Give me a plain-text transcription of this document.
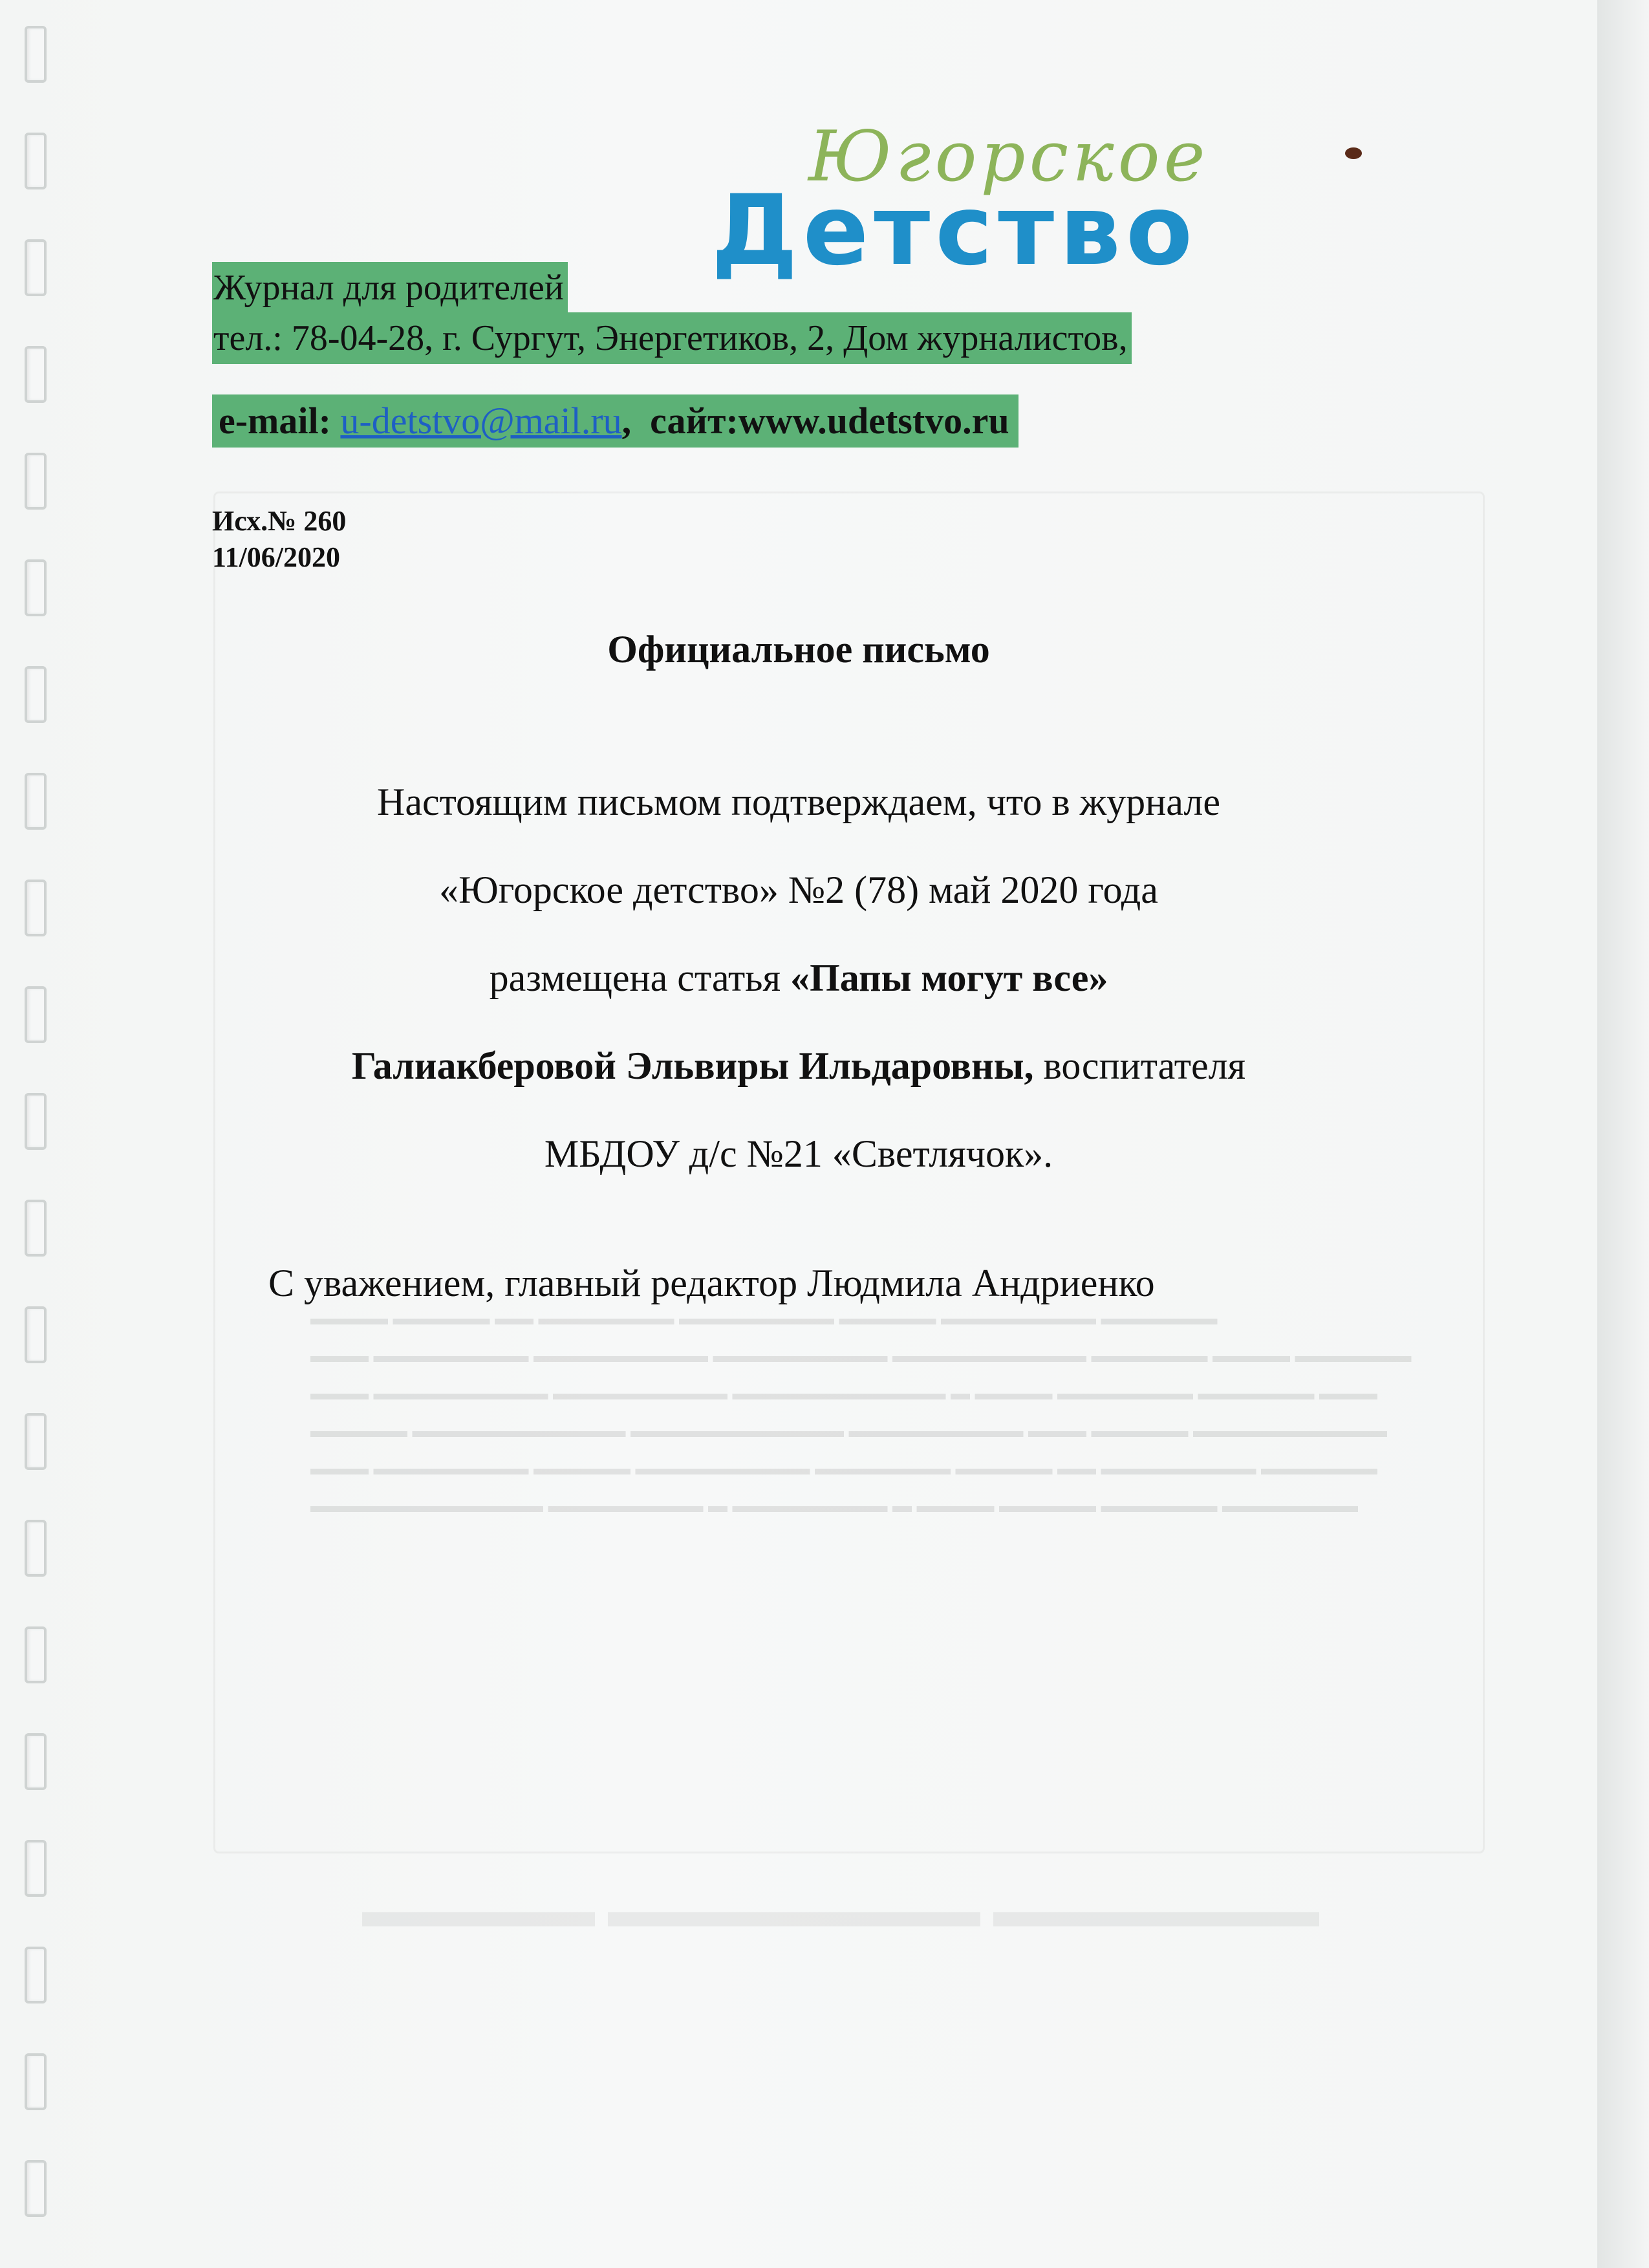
▬▬▬▬ ▬▬▬▬▬ ▬▬ ▬▬▬▬▬▬▬ ▬▬▬▬▬▬▬▬ ▬▬▬▬▬ ▬▬▬▬▬▬▬▬ ▬▬▬▬▬▬
▬▬▬ ▬▬▬▬▬▬▬▬ ▬▬▬▬▬▬▬▬▬ ▬▬▬▬▬▬▬▬▬ ▬▬▬▬▬▬▬▬▬▬ ▬▬▬▬▬▬ ▬▬▬▬ ▬▬▬▬▬▬
▬▬▬ ▬▬▬▬▬▬▬▬▬ ▬▬▬▬▬▬▬▬▬ ▬▬▬▬▬▬▬▬▬▬▬ ▬ ▬▬▬▬ ▬▬▬▬▬▬▬ ▬▬▬▬▬▬ ▬▬▬
▬▬▬▬▬ ▬▬▬▬▬▬▬▬▬▬▬ ▬▬▬▬▬▬▬▬▬▬▬ ▬▬▬▬▬▬▬▬▬ ▬▬▬ ▬▬▬▬▬ ▬▬▬▬▬▬▬▬▬▬
▬▬▬ ▬▬▬▬▬▬▬▬ ▬▬▬▬▬ ▬▬▬▬▬▬▬▬▬ ▬▬▬▬▬▬▬ ▬▬▬▬▬ ▬▬ ▬▬▬▬▬▬▬▬ ▬▬▬▬▬▬
▬▬▬▬▬▬▬▬▬▬▬▬ ▬▬▬▬▬▬▬▬ ▬ ▬▬▬▬▬▬▬▬ ▬ ▬▬▬▬ ▬▬▬▬▬ ▬▬▬▬▬▬ ▬▬▬▬▬▬▬
▬▬▬▬▬ ▬▬▬▬▬▬▬▬ ▬▬▬▬▬▬▬
Югорское
Детство
Журнал для родителей
тел.: 78-04-28, г. Сургут, Энергетиков, 2, Дом журналистов,
e-mail: u-detstvo@mail.ru, сайт:www.udetstvo.ru
Исх.№ 260
11/06/2020
Официальное письмо
Настоящим письмом подтверждаем, что в журнале
«Югорское детство» №2 (78) май 2020 года
размещена статья «Папы могут все»
Галиакберовой Эльвиры Ильдаровны, воспитателя
МБДОУ д/с №21 «Светлячок».
С уважением, главный редактор Людмила Андриенко
